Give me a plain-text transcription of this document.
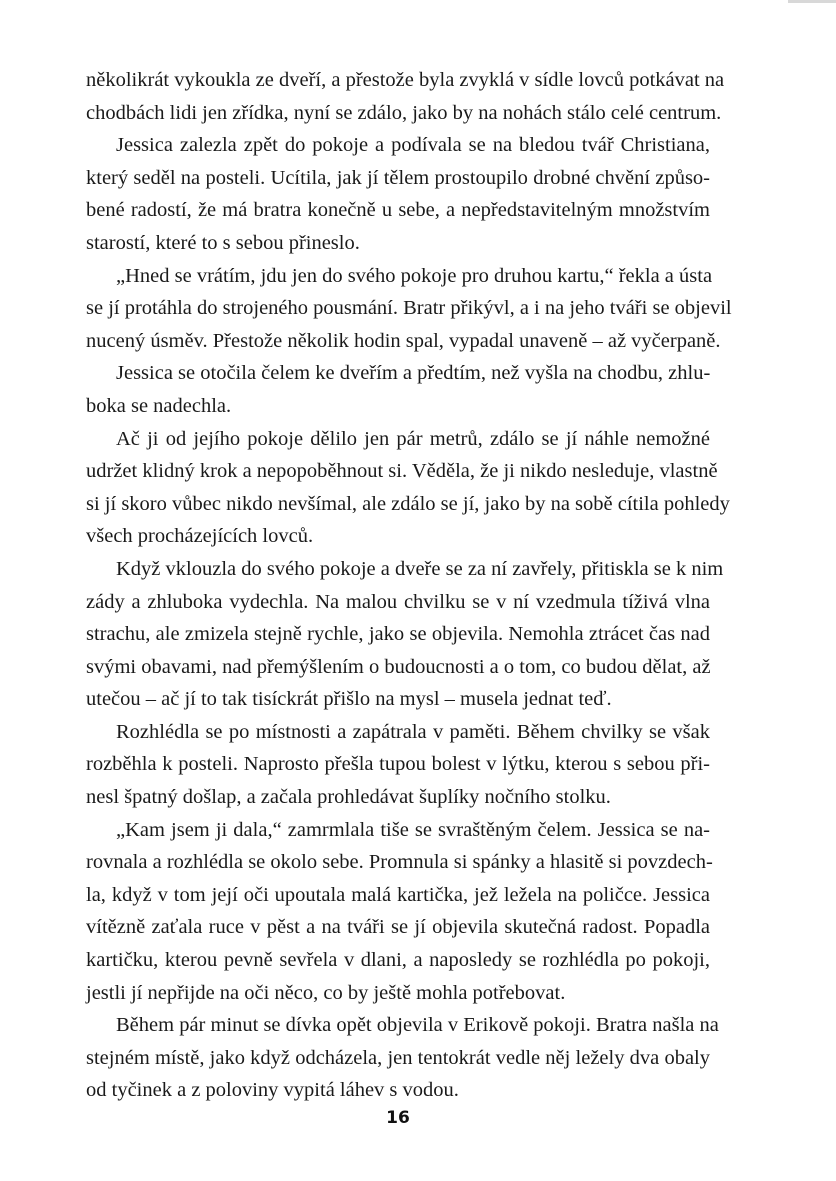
několikrát vykoukla ze dveří, a přestože byla zvyklá v sídle lovců potkávat na
chodbách lidi jen zřídka, nyní se zdálo, jako by na nohách stálo celé centrum.
Jessica zalezla zpět do pokoje a podívala se na bledou tvář Christiana,
který seděl na posteli. Ucítila, jak jí tělem prostoupilo drobné chvění způso-
bené radostí, že má bratra konečně u sebe, a nepředstavitelným množstvím
starostí, které to s sebou přineslo.
„Hned se vrátím, jdu jen do svého pokoje pro druhou kartu,“ řekla a ústa
se jí protáhla do strojeného pousmání. Bratr přikývl, a i na jeho tváři se objevil
nucený úsměv. Přestože několik hodin spal, vypadal unaveně – až vyčerpaně.
Jessica se otočila čelem ke dveřím a předtím, než vyšla na chodbu, zhlu-
boka se nadechla.
Ač ji od jejího pokoje dělilo jen pár metrů, zdálo se jí náhle nemožné
udržet klidný krok a nepopoběhnout si. Věděla, že ji nikdo nesleduje, vlastně
si jí skoro vůbec nikdo nevšímal, ale zdálo se jí, jako by na sobě cítila pohledy
všech procházejících lovců.
Když vklouzla do svého pokoje a dveře se za ní zavřely, přitiskla se k nim
zády a zhluboka vydechla. Na malou chvilku se v ní vzedmula tíživá vlna
strachu, ale zmizela stejně rychle, jako se objevila. Nemohla ztrácet čas nad
svými obavami, nad přemýšlením o budoucnosti a o tom, co budou dělat, až
utečou – ač jí to tak tisíckrát přišlo na mysl – musela jednat teď.
Rozhlédla se po místnosti a zapátrala v paměti. Během chvilky se však
rozběhla k posteli. Naprosto přešla tupou bolest v lýtku, kterou s sebou při-
nesl špatný došlap, a začala prohledávat šuplíky nočního stolku.
„Kam jsem ji dala,“ zamrmlala tiše se svraštěným čelem. Jessica se na-
rovnala a rozhlédla se okolo sebe. Promnula si spánky a hlasitě si povzdech-
la, když v tom její oči upoutala malá kartička, jež ležela na poličce. Jessica
vítězně zaťala ruce v pěst a na tváři se jí objevila skutečná radost. Popadla
kartičku, kterou pevně sevřela v dlani, a naposledy se rozhlédla po pokoji,
jestli jí nepřijde na oči něco, co by ještě mohla potřebovat.
Během pár minut se dívka opět objevila v Erikově pokoji. Bratra našla na
stejném místě, jako když odcházela, jen tentokrát vedle něj ležely dva obaly
od tyčinek a z poloviny vypitá láhev s vodou.
16
